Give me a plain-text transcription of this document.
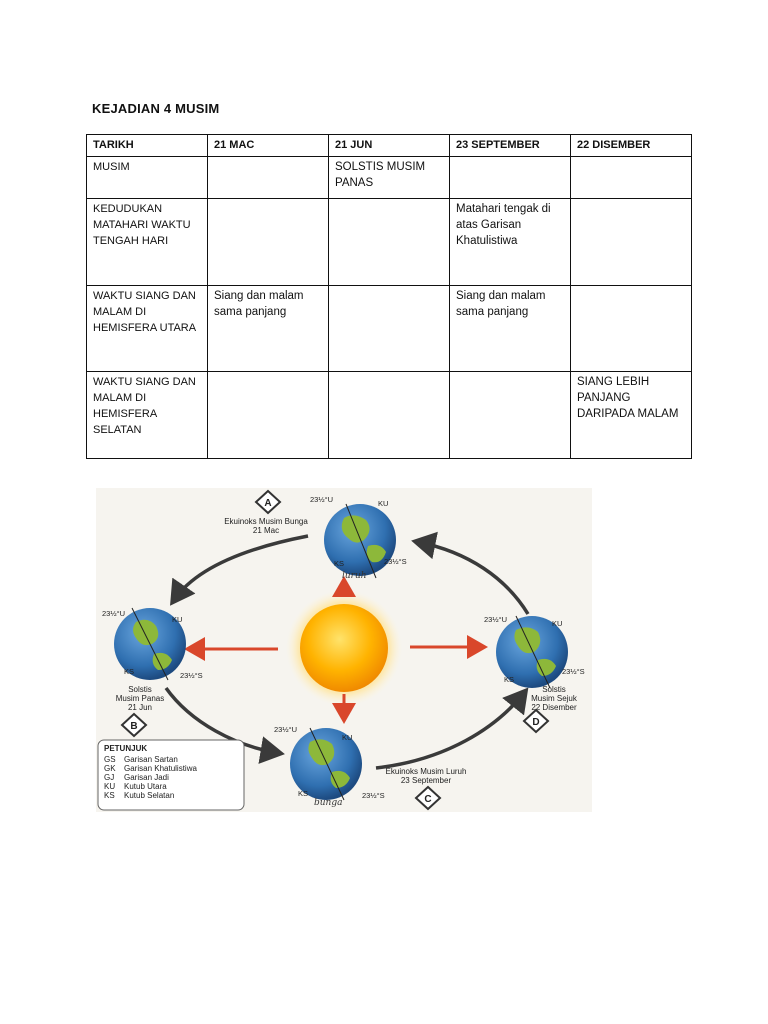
KEJADIAN 4 MUSIM
TARIKH	21 MAC	21 JUN	23 SEPTEMBER	22 DISEMBER
MUSIM		SOLSTIS MUSIM PANAS		
KEDUDUKAN MATAHARI WAKTU TENGAH HARI			Matahari tengak di atas Garisan Khatulistiwa	
WAKTU SIANG DAN MALAM DI HEMISFERA UTARA	Siang dan malam sama panjang		Siang dan malam sama panjang	
WAKTU SIANG DAN MALAM DI HEMISFERA SELATAN				SIANG LEBIH PANJANG DARIPADA MALAM
A
Ekuinoks Musim Bunga
21 Mac
23½°U	KU
KS	23½°S
luruh
23½°U
KU
KS	23½°S
Solstis
Musim Panas
21 Jun
B	23½°U
KU
KS	23½°S
bunga
Ekuinoks Musim Luruh
23 September
C
23½°U	KU
KS
23½°S
Solstis
Musim Sejuk
22 Disember
D
PETUNJUK
GS Garisan Sartan
GK Garisan Khatulistiwa
GJ Garisan Jadi
KU Kutub Utara
KS Kutub Selatan
